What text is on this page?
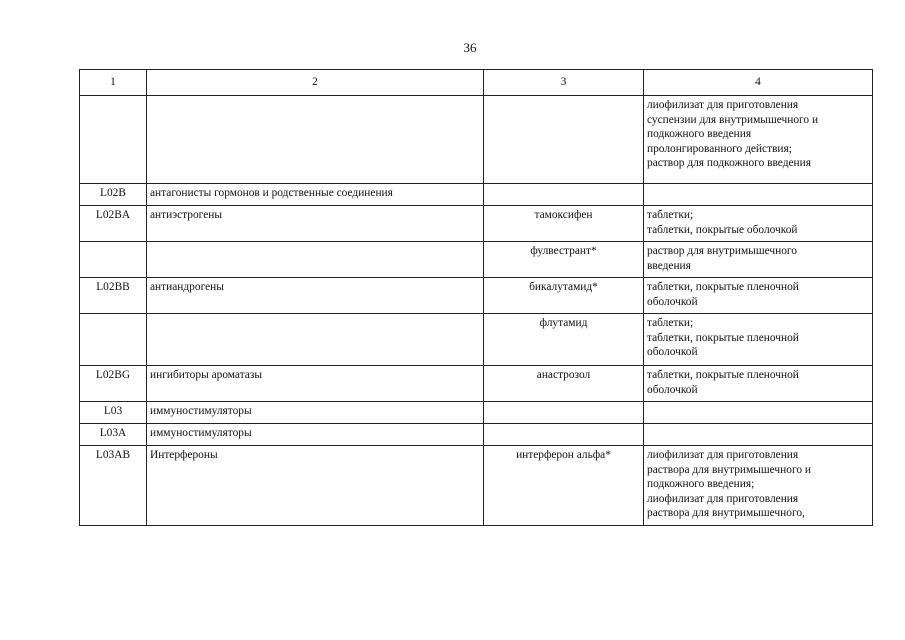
36
1	2	3	4

			лиофилизат для приготовления
суспензии для внутримышечного и
подкожного введения
пролонгированного действия;
раствор для подкожного введения

L02B	антагонисты гормонов и родственные соединения		
L02BA	антиэстрогены	тамоксифен	таблетки;
таблетки, покрытые оболочкой

		фулвестрант*	раствор для внутримышечного
введения

L02BB	антиандрогены	бикалутамид*	таблетки, покрытые пленочной
оболочкой

		флутамид	таблетки;
таблетки, покрытые пленочной
оболочкой

L02BG	ингибиторы ароматазы	анастрозол	таблетки, покрытые пленочной
оболочкой

L03	иммуностимуляторы		
L03A	иммуностимуляторы		
L03AB	Интерфероны	интерферон альфа*	лиофилизат для приготовления
раствора для внутримышечного и
подкожного введения;
лиофилизат для приготовления
раствора для внутримышечного,
